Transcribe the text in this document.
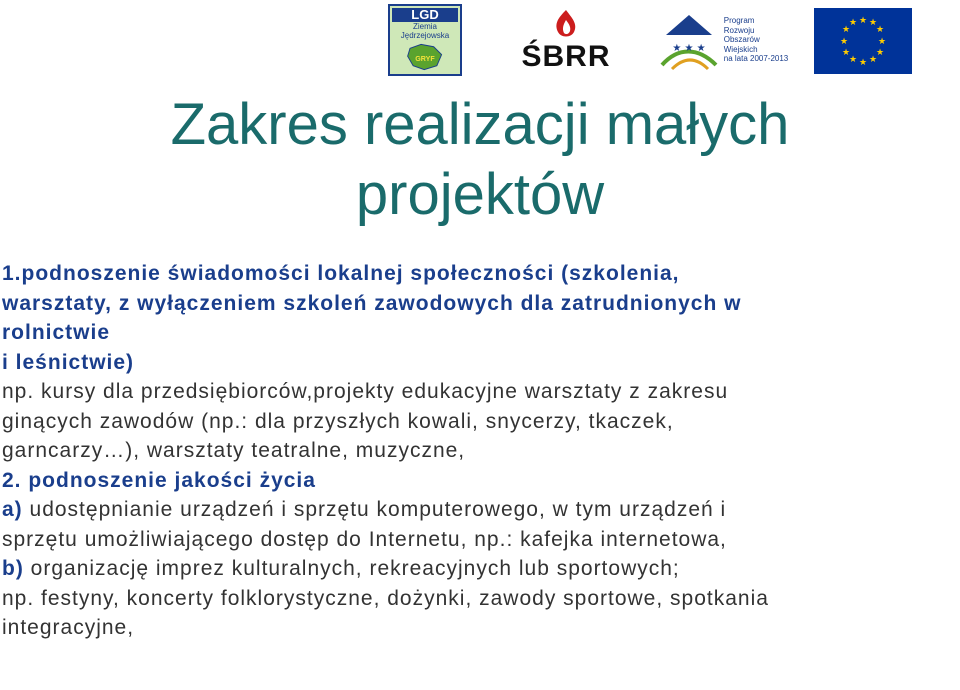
LGD
Ziemia Jędrzejowska
GRYF	ŚBRR	★ ★ ★
Program
Rozwoju
Obszarów
Wiejskich
na lata 2007-2013
★ ★
★
★
★
★
★
★
★
★
★
★
Zakres realizacji małych
projektów

1.podnoszenie świadomości lokalnej społeczności (szkolenia,

warsztaty, z wyłączeniem szkoleń zawodowych dla zatrudnionych w

rolnictwie

i leśnictwie)

np. kursy dla przedsiębiorców,projekty edukacyjne warsztaty z zakresu

ginących zawodów (np.: dla przyszłych kowali, snycerzy, tkaczek,

garncarzy…), warsztaty teatralne, muzyczne,

2. podnoszenie jakości życia

a) udostępnianie urządzeń i sprzętu komputerowego, w tym urządzeń i

sprzętu umożliwiającego dostęp do Internetu, np.: kafejka internetowa,

b) organizację imprez kulturalnych, rekreacyjnych lub sportowych;

np. festyny, koncerty folklorystyczne, dożynki, zawody sportowe, spotkania

integracyjne,
